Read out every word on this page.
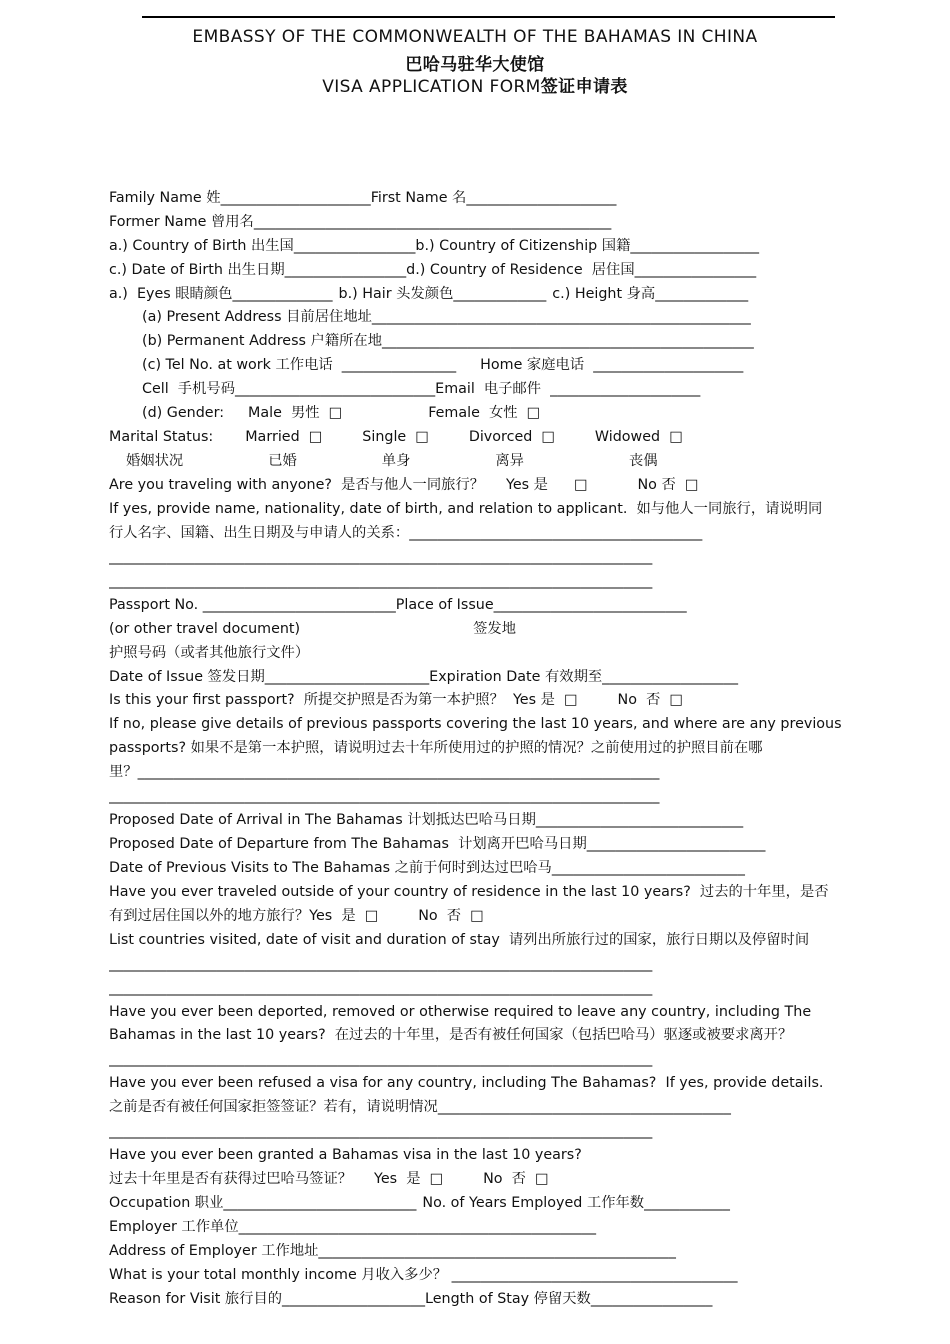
EMBASSY OF THE COMMONWEALTH OF THE BAHAMAS IN CHINA
巴哈马驻华大使馆
VISA APPLICATION FORM签证申请表

Family Name 姓_____________________First Name 名_____________________
Former Name 曾用名__________________________________________________
a.) Country of Birth 出生国_________________b.) Country of Citizenship 国籍__________________
c.) Date of Birth 出生日期_________________d.) Country of Residence  居住国_________________
a.)  Eyes 眼睛颜色______________ b.) Hair 头发颜色_____________ c.) Height 身高_____________
(a) Present Address 目前居住地址_____________________________________________________
(b) Permanent Address 户籍所在地____________________________________________________
(c) Tel No. at work 工作电话  ________________ Home 家庭电话  _____________________
Cell  手机号码____________________________Email  电子邮件  _____________________
(d) Gender: Male  男性  □	Female  女性  □
Marital Status: Married  □	Single  □	Divorced  □	Widowed  □
婚姻状况	已婚	单身	离异	丧偶
Are you traveling with anyone?  是否与他人一同旅行？ Yes 是 □	No 否  □
If yes, provide name, nationality, date of birth, and relation to applicant.  如与他人一同旅行，请说明同
行人名字、国籍、出生日期及与申请人的关系：_________________________________________
____________________________________________________________________________
____________________________________________________________________________
Passport No. ___________________________Place of Issue___________________________
(or other travel document)	签发地
护照号码（或者其他旅行文件）
Date of Issue 签发日期_______________________Expiration Date 有效期至___________________
Is this your first passport?  所提交护照是否为第一本护照？  Yes 是  □	No  否  □
If no, please give details of previous passports covering the last 10 years, and where are any previous
passports? 如果不是第一本护照，请说明过去十年所使用过的护照的情况？之前使用过的护照目前在哪
里？_________________________________________________________________________
_____________________________________________________________________________
Proposed Date of Arrival in The Bahamas 计划抵达巴哈马日期_____________________________
Proposed Date of Departure from The Bahamas  计划离开巴哈马日期_________________________
Date of Previous Visits to The Bahamas 之前于何时到达过巴哈马___________________________
Have you ever traveled outside of your country of residence in the last 10 years?  过去的十年里，是否
有到过居住国以外的地方旅行？Yes  是  □	No  否  □
List countries visited, date of visit and duration of stay  请列出所旅行过的国家，旅行日期以及停留时间
____________________________________________________________________________
____________________________________________________________________________
Have you ever been deported, removed or otherwise required to leave any country, including The
Bahamas in the last 10 years?  在过去的十年里，是否有被任何国家（包括巴哈马）驱逐或被要求离开？
____________________________________________________________________________
Have you ever been refused a visa for any country, including The Bahamas?  If yes, provide details.
之前是否有被任何国家拒签签证？若有，请说明情况_________________________________________
____________________________________________________________________________
Have you ever been granted a Bahamas visa in the last 10 years?
过去十年里是否有获得过巴哈马签证？ Yes  是  □	No  否  □
Occupation 职业___________________________ No. of Years Employed 工作年数____________
Employer 工作单位__________________________________________________
Address of Employer 工作地址__________________________________________________
What is your total monthly income 月收入多少？ ________________________________________
Reason for Visit 旅行目的____________________Length of Stay 停留天数_________________
